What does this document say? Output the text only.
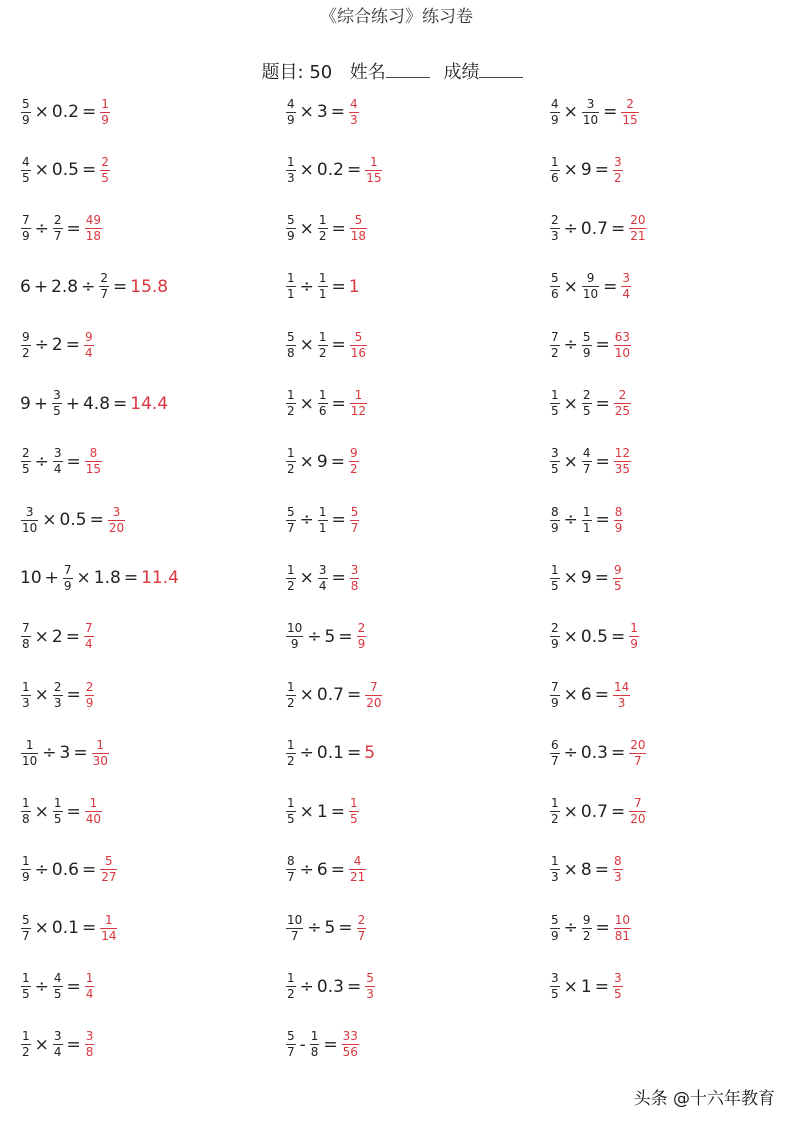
《综合练习》练习卷
题目: 50 姓名	成绩
$\frac{5}{9} \times 0.2 = \frac{1}{9}$
$\frac{4}{5} \times 0.5 = \frac{2}{5}$
$\frac{7}{9} \div \frac{2}{7} = \frac{49}{18}$
$6 + 2.8 \div \frac{2}{7} = 15.8$
$\frac{9}{2} \div 2 = \frac{9}{4}$
$9 + \frac{3}{5} + 4.8 = 14.4$
$\frac{2}{5} \div \frac{3}{4} = \frac{8}{15}$
$\frac{3}{10} \times 0.5 = \frac{3}{20}$
$10 + \frac{7}{9} \times 1.8 = 11.4$
$\frac{7}{8} \times 2 = \frac{7}{4}$
$\frac{1}{3} \times \frac{2}{3} = \frac{2}{9}$
$\frac{1}{10} \div 3 = \frac{1}{30}$
$\frac{1}{8} \times \frac{1}{5} = \frac{1}{40}$
$\frac{1}{9} \div 0.6 = \frac{5}{27}$
$\frac{5}{7} \times 0.1 = \frac{1}{14}$
$\frac{1}{5} \div \frac{4}{5} = \frac{1}{4}$
$\frac{1}{2} \times \frac{3}{4} = \frac{3}{8}$
$\frac{4}{9} \times 3 = \frac{4}{3}$
$\frac{1}{3} \times 0.2 = \frac{1}{15}$
$\frac{5}{9} \times \frac{1}{2} = \frac{5}{18}$
$\frac{1}{1} \div \frac{1}{1} = 1$
$\frac{5}{8} \times \frac{1}{2} = \frac{5}{16}$
$\frac{1}{2} \times \frac{1}{6} = \frac{1}{12}$
$\frac{1}{2} \times 9 = \frac{9}{2}$
$\frac{5}{7} \div \frac{1}{1} = \frac{5}{7}$
$\frac{1}{2} \times \frac{3}{4} = \frac{3}{8}$
$\frac{10}{9} \div 5 = \frac{2}{9}$
$\frac{1}{2} \times 0.7 = \frac{7}{20}$
$\frac{1}{2} \div 0.1 = 5$
$\frac{1}{5} \times 1 = \frac{1}{5}$
$\frac{8}{7} \div 6 = \frac{4}{21}$
$\frac{10}{7} \div 5 = \frac{2}{7}$
$\frac{1}{2} \div 0.3 = \frac{5}{3}$
$\frac{5}{7} - \frac{1}{8} = \frac{33}{56}$
$\frac{4}{9} \times \frac{3}{10} = \frac{2}{15}$
$\frac{1}{6} \times 9 = \frac{3}{2}$
$\frac{2}{3} \div 0.7 = \frac{20}{21}$
$\frac{5}{6} \times \frac{9}{10} = \frac{3}{4}$
$\frac{7}{2} \div \frac{5}{9} = \frac{63}{10}$
$\frac{1}{5} \times \frac{2}{5} = \frac{2}{25}$
$\frac{3}{5} \times \frac{4}{7} = \frac{12}{35}$
$\frac{8}{9} \div \frac{1}{1} = \frac{8}{9}$
$\frac{1}{5} \times 9 = \frac{9}{5}$
$\frac{2}{9} \times 0.5 = \frac{1}{9}$
$\frac{7}{9} \times 6 = \frac{14}{3}$
$\frac{6}{7} \div 0.3 = \frac{20}{7}$
$\frac{1}{2} \times 0.7 = \frac{7}{20}$
$\frac{1}{3} \times 8 = \frac{8}{3}$
$\frac{5}{9} \div \frac{9}{2} = \frac{10}{81}$
$\frac{3}{5} \times 1 = \frac{3}{5}$
头条 @十六年教育
